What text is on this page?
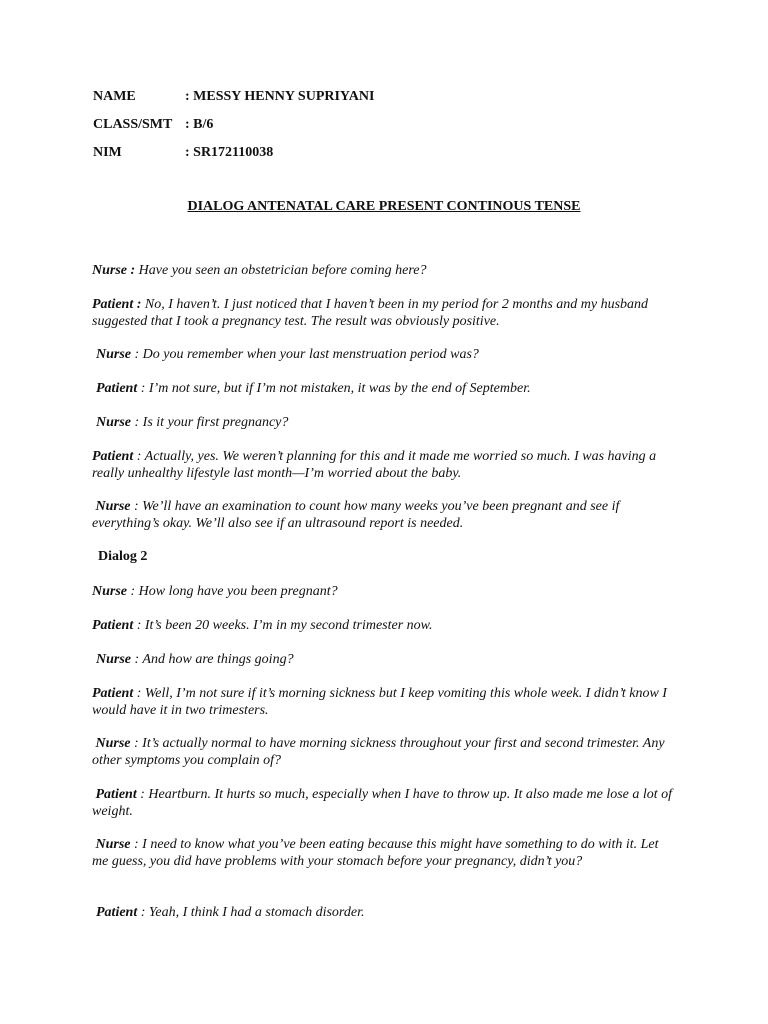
NAME	: MESSY HENNY SUPRIYANI
CLASS/SMT : B/6
NIM	: SR172110038
DIALOG ANTENATAL CARE PRESENT CONTINOUS TENSE
Nurse : Have you seen an obstetrician before coming here?
Patient : No, I haven’t. I just noticed that I haven’t been in my period for 2 months and my husband suggested that I took a pregnancy test. The result was obviously positive.
Nurse : Do you remember when your last menstruation period was?
Patient : I’m not sure, but if I’m not mistaken, it was by the end of September.
Nurse : Is it your first pregnancy?
Patient : Actually, yes. We weren’t planning for this and it made me worried so much. I was having a really unhealthy lifestyle last month—I’m worried about the baby.
Nurse : We’ll have an examination to count how many weeks you’ve been pregnant and see if everything’s okay. We’ll also see if an ultrasound report is needed.
Dialog 2
Nurse : How long have you been pregnant?
Patient : It’s been 20 weeks. I’m in my second trimester now.
Nurse : And how are things going?
Patient : Well, I’m not sure if it’s morning sickness but I keep vomiting this whole week. I didn’t know I would have it in two trimesters.
Nurse : It’s actually normal to have morning sickness throughout your first and second trimester. Any other symptoms you complain of?
Patient : Heartburn. It hurts so much, especially when I have to throw up. It also made me lose a lot of weight.
Nurse : I need to know what you’ve been eating because this might have something to do with it. Let me guess, you did have problems with your stomach before your pregnancy, didn’t you?
Patient : Yeah, I think I had a stomach disorder.
